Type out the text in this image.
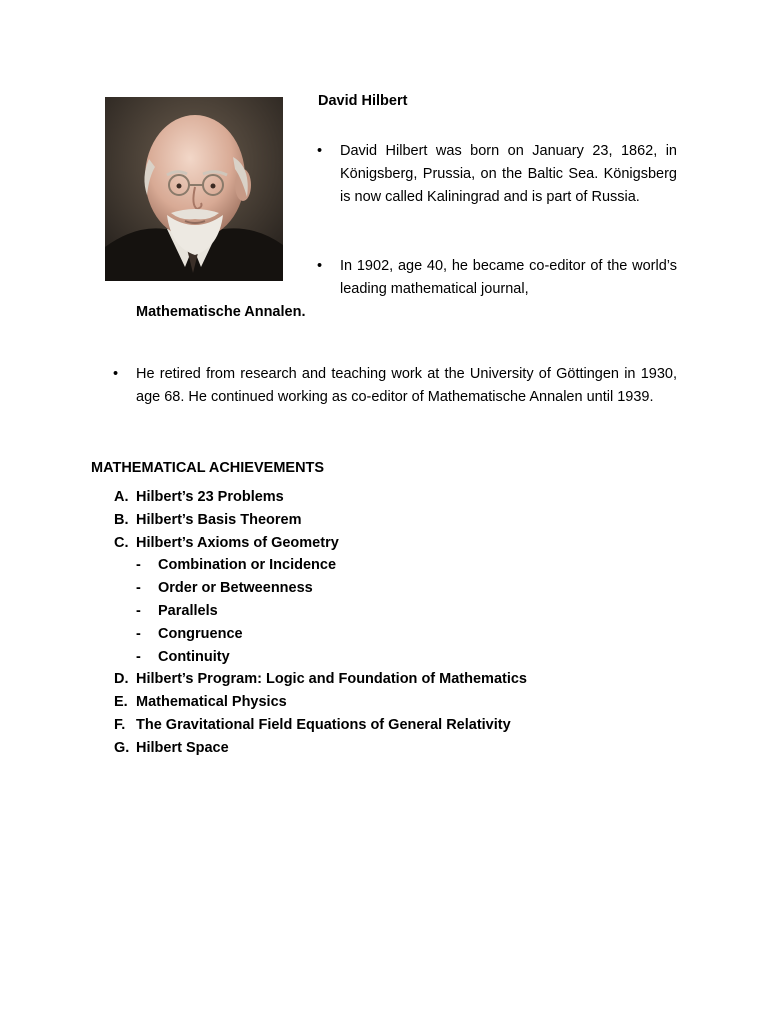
David Hilbert
• David Hilbert was born on January 23, 1862, in Königsberg, Prussia, on the Baltic Sea. Königsberg is now called Kaliningrad and is part of Russia.
• In 1902, age 40, he became co-editor of the world’s leading mathematical journal,
Mathematische Annalen.
• He retired from research and teaching work at the University of Göttingen in 1930, age 68. He continued working as co-editor of Mathematische Annalen until 1939.
MATHEMATICAL ACHIEVEMENTS
A. Hilbert’s 23 Problems
B. Hilbert’s Basis Theorem
C. Hilbert’s Axioms of Geometry
- Combination or Incidence
- Order or Betweenness
- Parallels
- Congruence
- Continuity
D. Hilbert’s Program: Logic and Foundation of Mathematics
E. Mathematical Physics
F. The Gravitational Field Equations of General Relativity
G. Hilbert Space
